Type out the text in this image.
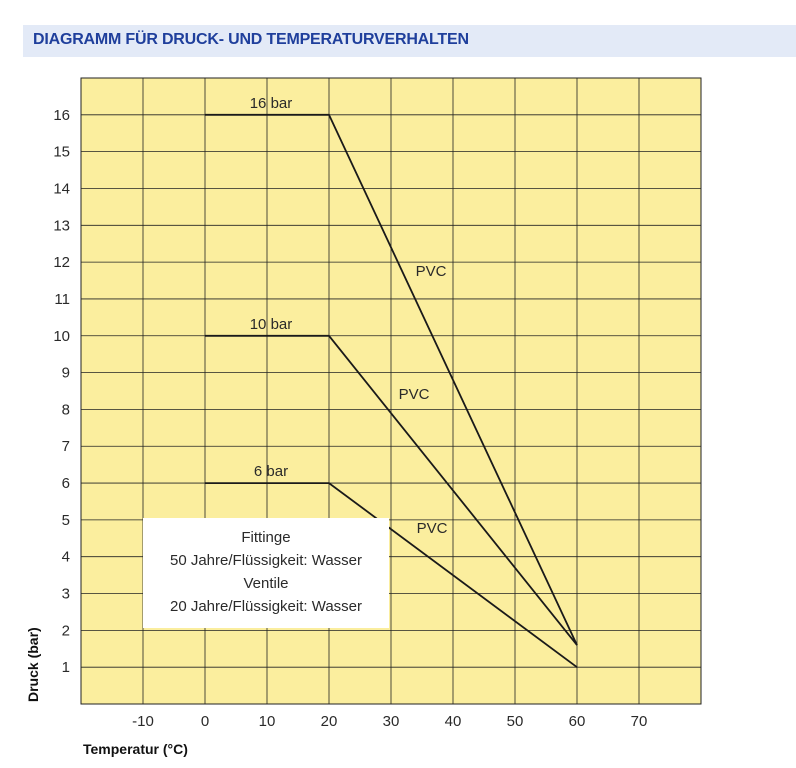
DIAGRAMM FÜR DRUCK- UND TEMPERATURVERHALTEN
16 bar
PVC
10 bar
PVC
6 bar
PVC
-10	0	10	20	30	40	50	60	70
1
2
3
4
5
6
7
8
9
10
11
12
13
14
15
16
Temperatur (°C)
Druck (bar)
Fittinge
50 Jahre/Flüssigkeit: Wasser
Ventile
20 Jahre/Flüssigkeit: Wasser
